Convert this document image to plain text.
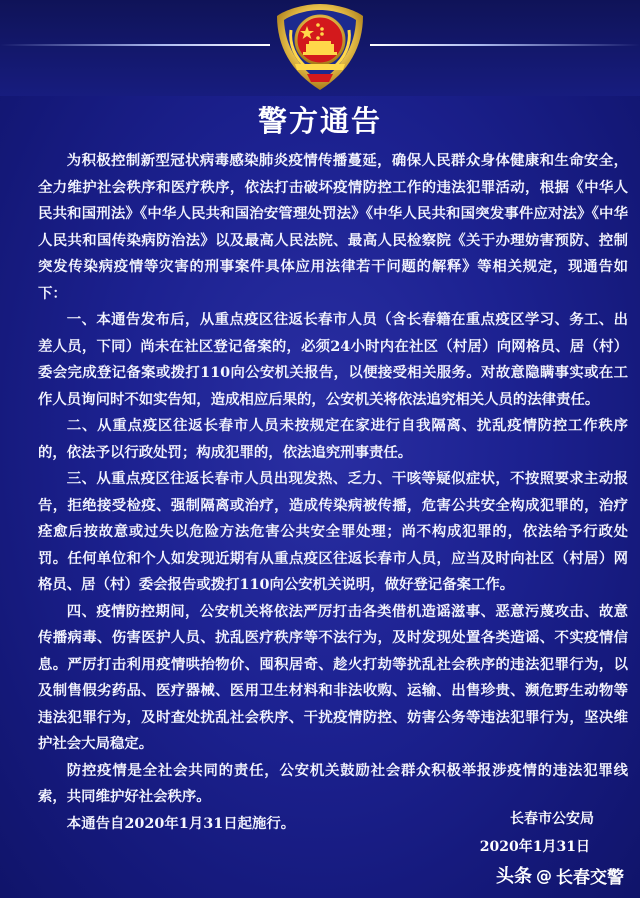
警方通告

为积极控制新型冠状病毒感染肺炎疫情传播蔓延，确保人民群众身体健康和生命安全，全力维护社会秩序和医疗秩序，依法打击破坏疫情防控工作的违法犯罪活动，根据《中华人民共和国刑法》《中华人民共和国治安管理处罚法》《中华人民共和国突发事件应对法》《中华人民共和国传染病防治法》以及最高人民法院、最高人民检察院《关于办理妨害预防、控制突发传染病疫情等灾害的刑事案件具体应用法律若干问题的解释》等相关规定，现通告如下：

一、本通告发布后，从重点疫区往返长春市人员（含长春籍在重点疫区学习、务工、出差人员，下同）尚未在社区登记备案的，必须24小时内在社区（村居）向网格员、居（村）委会完成登记备案或拨打110向公安机关报告，以便接受相关服务。对故意隐瞒事实或在工作人员询问时不如实告知，造成相应后果的，公安机关将依法追究相关人员的法律责任。

二、从重点疫区往返长春市人员未按规定在家进行自我隔离、扰乱疫情防控工作秩序的，依法予以行政处罚；构成犯罪的，依法追究刑事责任。

三、从重点疫区往返长春市人员出现发热、乏力、干咳等疑似症状，不按照要求主动报告，拒绝接受检疫、强制隔离或治疗，造成传染病被传播，危害公共安全构成犯罪的，治疗痊愈后按故意或过失以危险方法危害公共安全罪处理；尚不构成犯罪的，依法给予行政处罚。任何单位和个人如发现近期有从重点疫区往返长春市人员，应当及时向社区（村居）网格员、居（村）委会报告或拨打110向公安机关说明，做好登记备案工作。

四、疫情防控期间，公安机关将依法严厉打击各类借机造谣滋事、恶意污蔑攻击、故意传播病毒、伤害医护人员、扰乱医疗秩序等不法行为，及时发现处置各类造谣、不实疫情信息。严厉打击利用疫情哄抬物价、囤积居奇、趁火打劫等扰乱社会秩序的违法犯罪行为，以及制售假劣药品、医疗器械、医用卫生材料和非法收购、运输、出售珍贵、濒危野生动物等违法犯罪行为，及时查处扰乱社会秩序、干扰疫情防控、妨害公务等违法犯罪行为，坚决维护社会大局稳定。

防控疫情是全社会共同的责任，公安机关鼓励社会群众积极举报涉疫情的违法犯罪线索，共同维护好社会秩序。

本通告自2020年1月31日起施行。	长春市公安局
2020年1月31日
头条 @ 长春交警
